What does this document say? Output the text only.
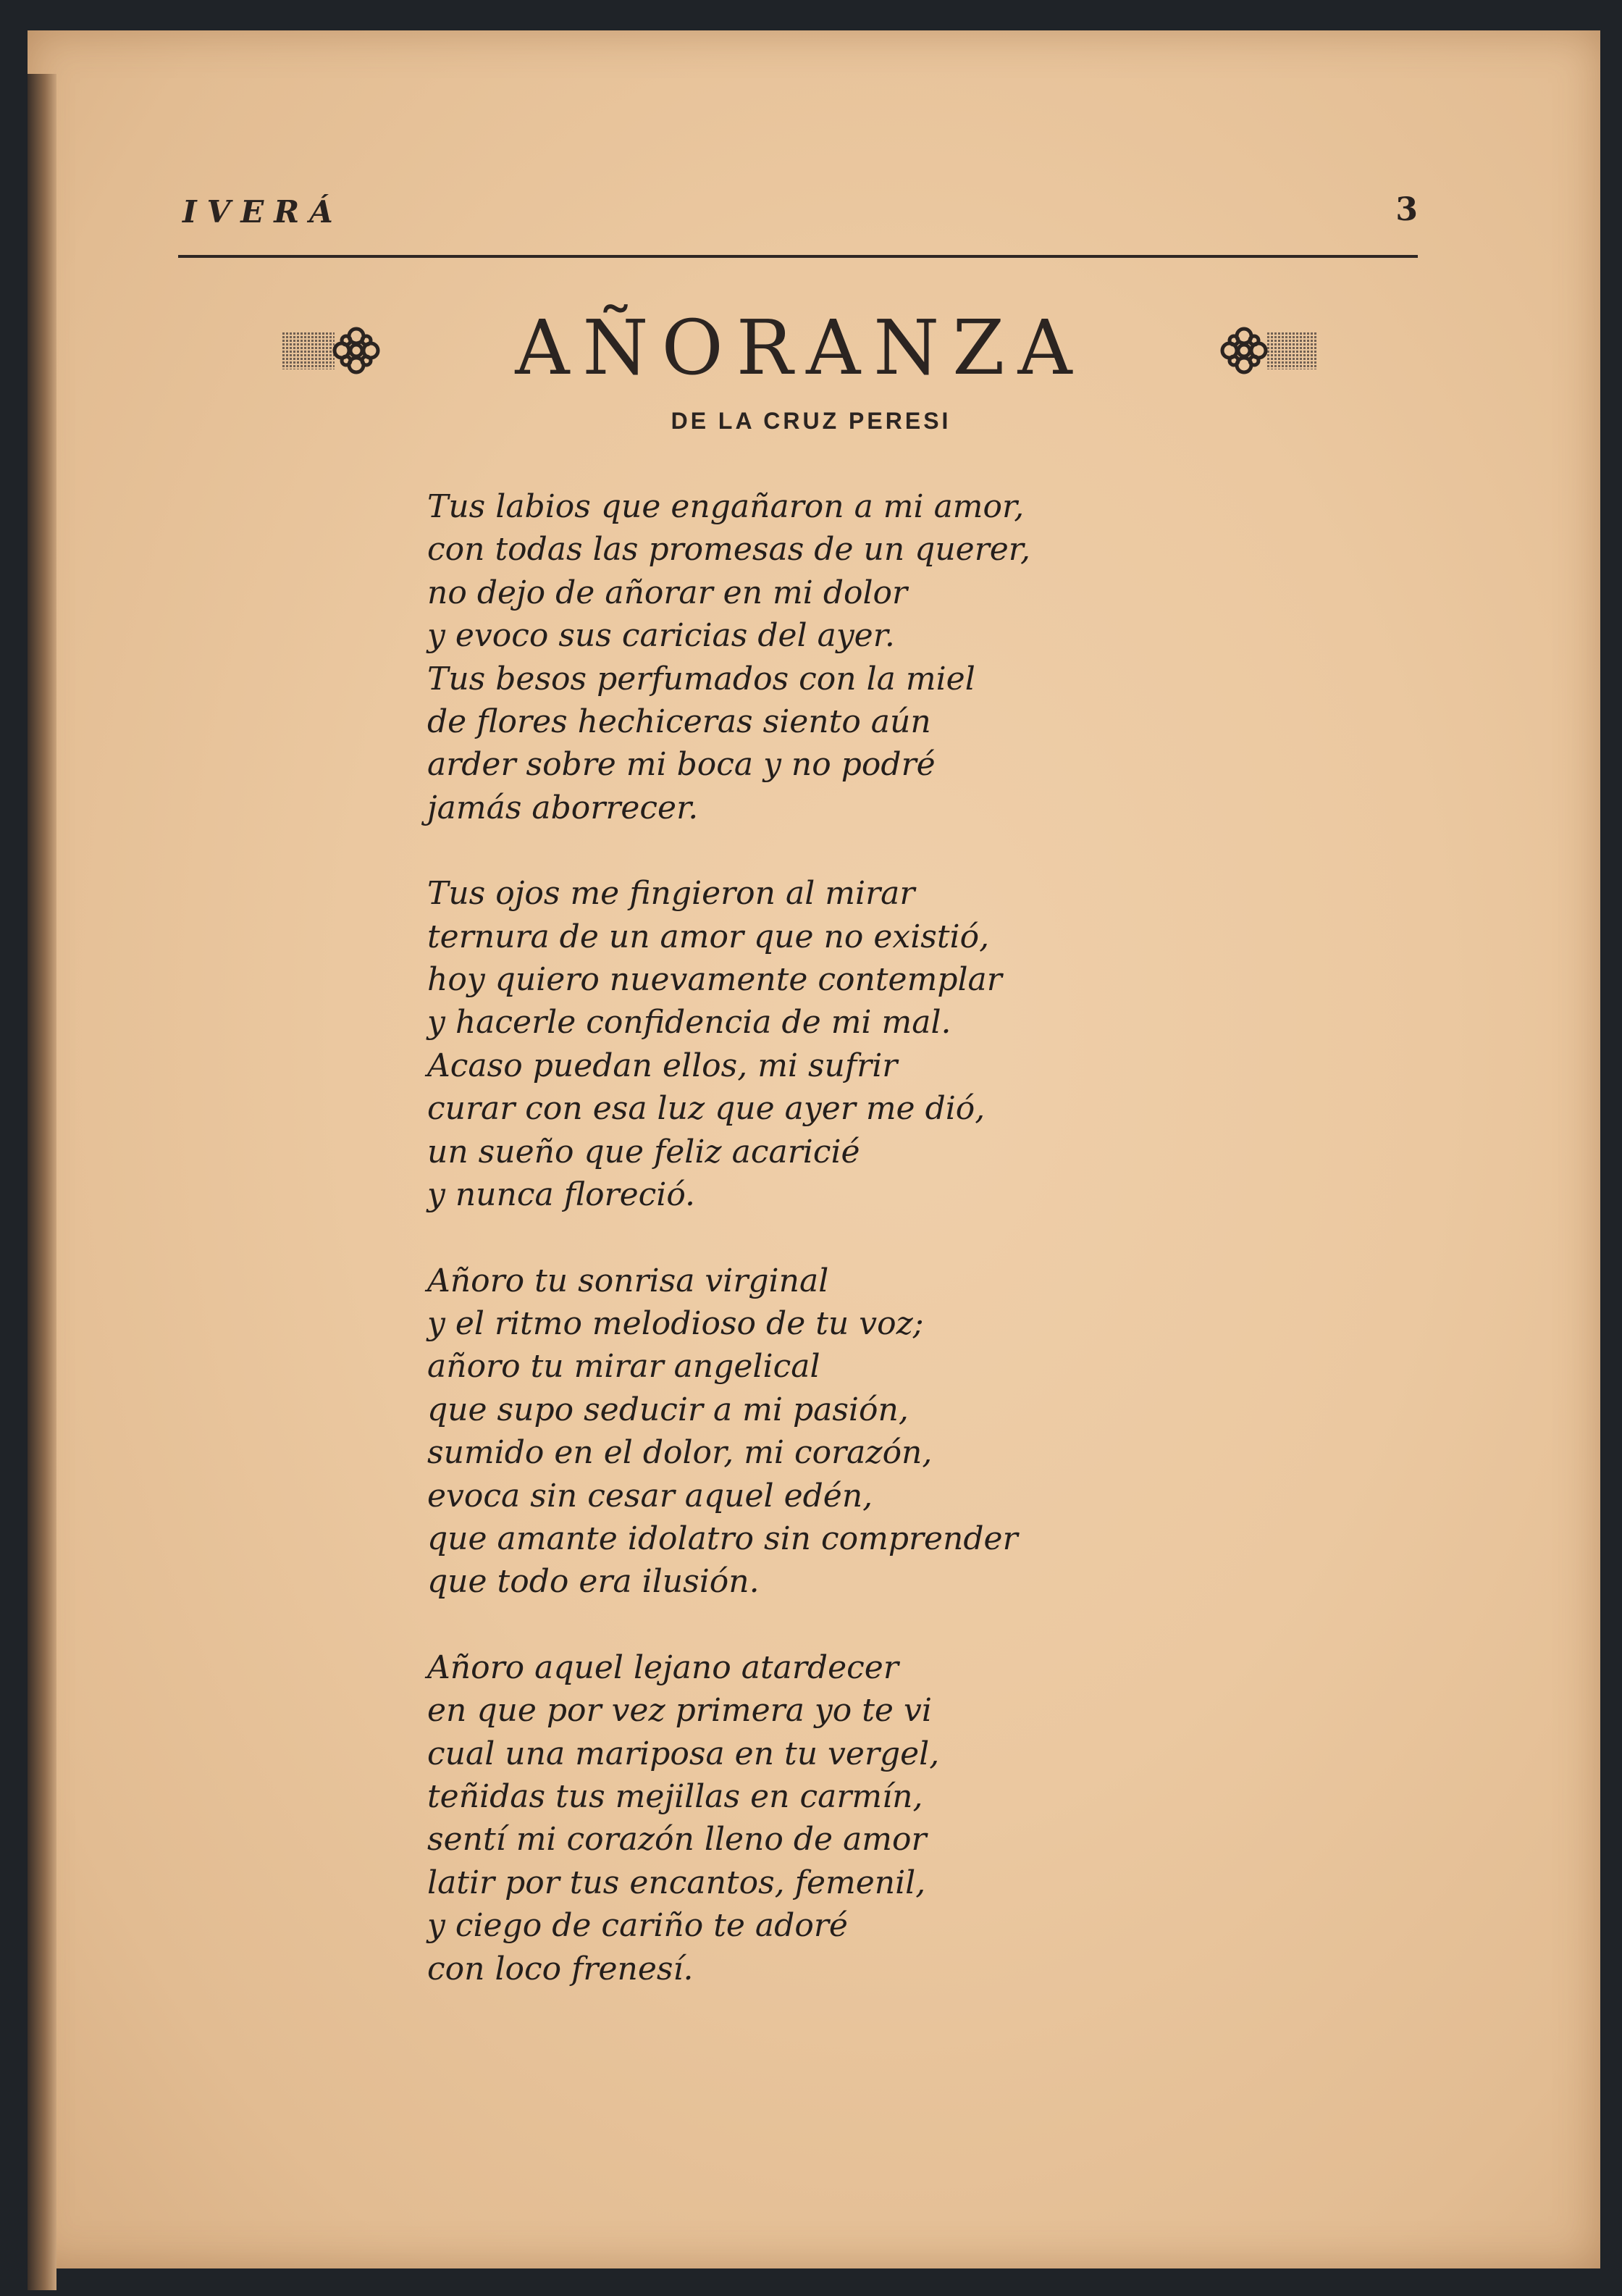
IVERÁ	3
AÑORANZA
DE LA CRUZ PERESI
Tus labios que engañaron a mi amor,
con todas las promesas de un querer,
no dejo de añorar en mi dolor
y evoco sus caricias del ayer.
Tus besos perfumados con la miel
de flores hechiceras siento aún
arder sobre mi boca y no podré
jamás aborrecer.
Tus ojos me fingieron al mirar
ternura de un amor que no existió,
hoy quiero nuevamente contemplar
y hacerle confidencia de mi mal.
Acaso puedan ellos, mi sufrir
curar con esa luz que ayer me dió,
un sueño que feliz acaricié
y nunca floreció.
Añoro tu sonrisa virginal
y el ritmo melodioso de tu voz;
añoro tu mirar angelical
que supo seducir a mi pasión,
sumido en el dolor, mi corazón,
evoca sin cesar aquel edén,
que amante idolatro sin comprender
que todo era ilusión.
Añoro aquel lejano atardecer
en que por vez primera yo te vi
cual una mariposa en tu vergel,
teñidas tus mejillas en carmín,
sentí mi corazón lleno de amor
latir por tus encantos, femenil,
y ciego de cariño te adoré
con loco frenesí.
